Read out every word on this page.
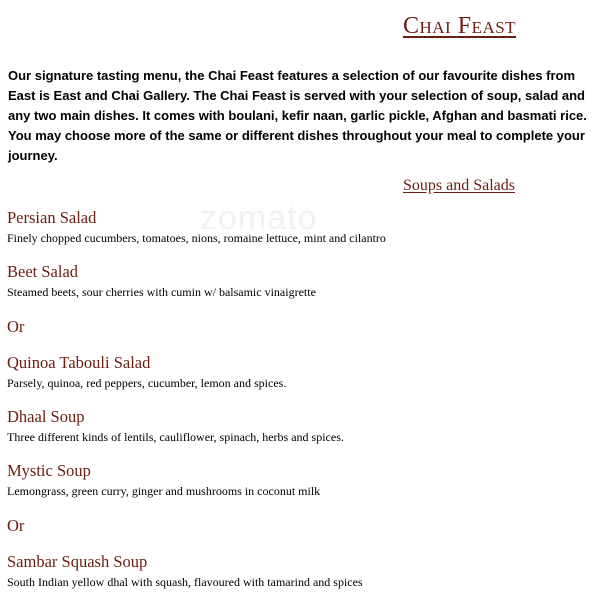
Chai Feast
Our signature tasting menu, the Chai Feast features a selection of our favourite dishes from East is East and Chai Gallery. The Chai Feast is served with your selection of soup, salad and any two main dishes. It comes with boulani, kefir naan, garlic pickle, Afghan and basmati rice. You may choose more of the same or different dishes throughout your meal to complete your journey.
Soups and Salads
zomato
Persian Salad
Finely chopped cucumbers, tomatoes, nions, romaine lettuce, mint and cilantro
Beet Salad
Steamed beets, sour cherries with cumin w/ balsamic vinaigrette
Or
Quinoa Tabouli Salad
Parsely, quinoa, red peppers, cucumber, lemon and spices.
Dhaal Soup
Three different kinds of lentils, cauliflower, spinach, herbs and spices.
Mystic Soup
Lemongrass, green curry, ginger and mushrooms in coconut milk
Or
Sambar Squash Soup
South Indian yellow dhal with squash, flavoured with tamarind and spices
